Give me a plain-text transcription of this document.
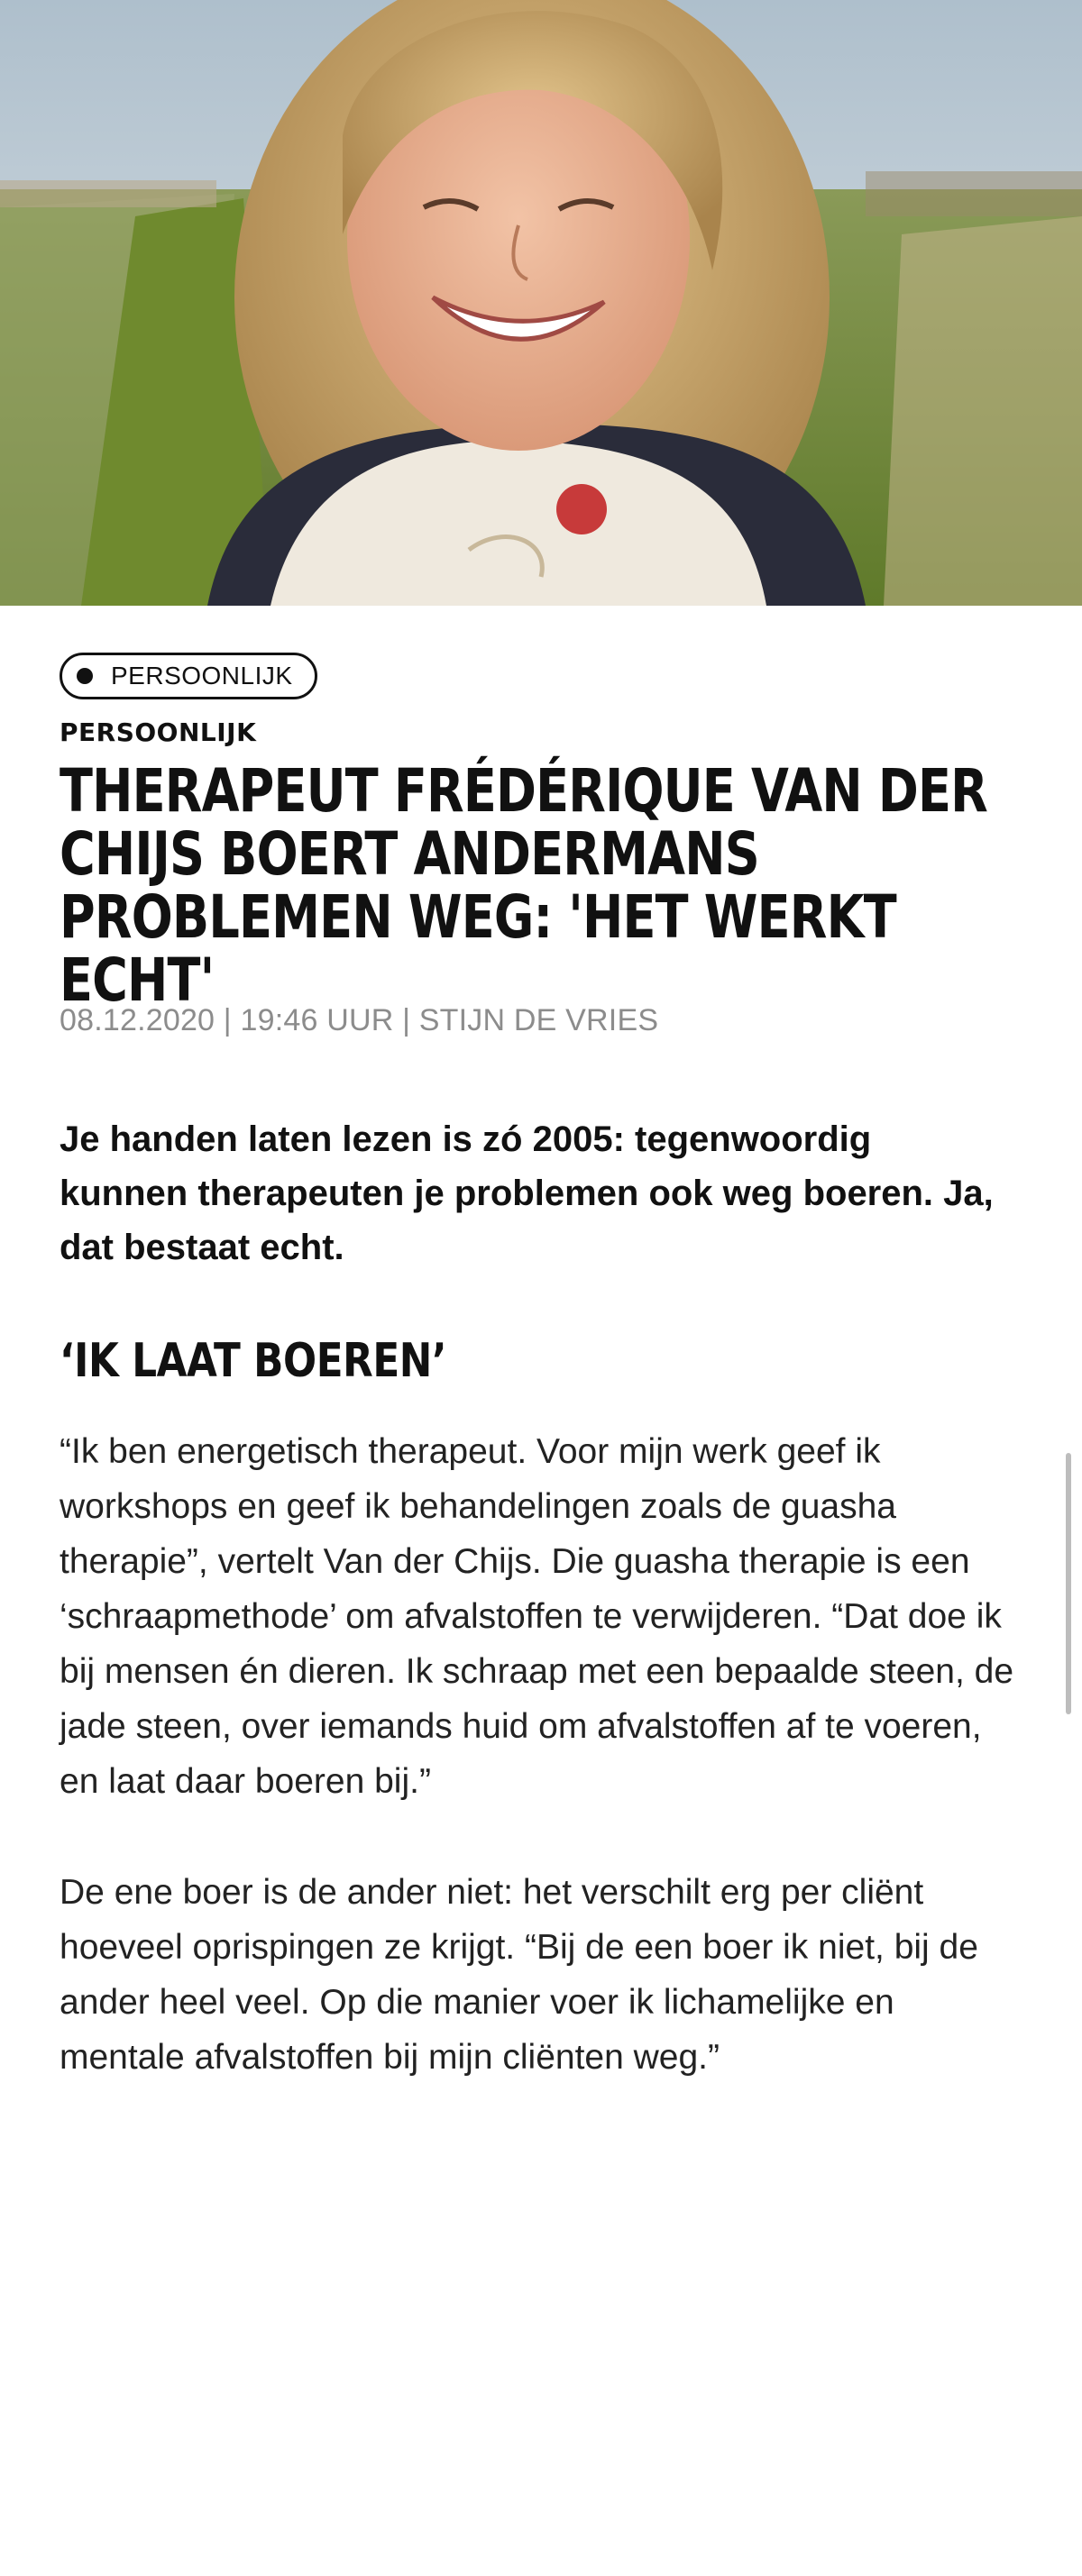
PERSOONLIJK
PERSOONLIJK
THERAPEUT FRÉDÉRIQUE VAN DER CHIJS BOERT ANDERMANS PROBLEMEN WEG: 'HET WERKT ECHT'
08.12.2020 | 19:46 UUR | STIJN DE VRIES
Je handen laten lezen is zó 2005: tegenwoordig kunnen therapeuten je problemen ook weg boeren. Ja, dat bestaat echt.
‘IK LAAT BOEREN’

“Ik ben energetisch therapeut. Voor mijn werk geef ik workshops en geef ik behandelingen zoals de guasha therapie”, vertelt Van der Chijs. Die guasha therapie is een ‘schraapmethode’ om afvalstoffen te verwijderen. “Dat doe ik bij mensen én dieren. Ik schraap met een bepaalde steen, de jade steen, over iemands huid om afvalstoffen af te voeren, en laat daar boeren bij.”

De ene boer is de ander niet: het verschilt erg per cliënt hoeveel oprispingen ze krijgt. “Bij de een boer ik niet, bij de ander heel veel. Op die manier voer ik lichamelijke en mentale afvalstoffen bij mijn cliënten weg.”
